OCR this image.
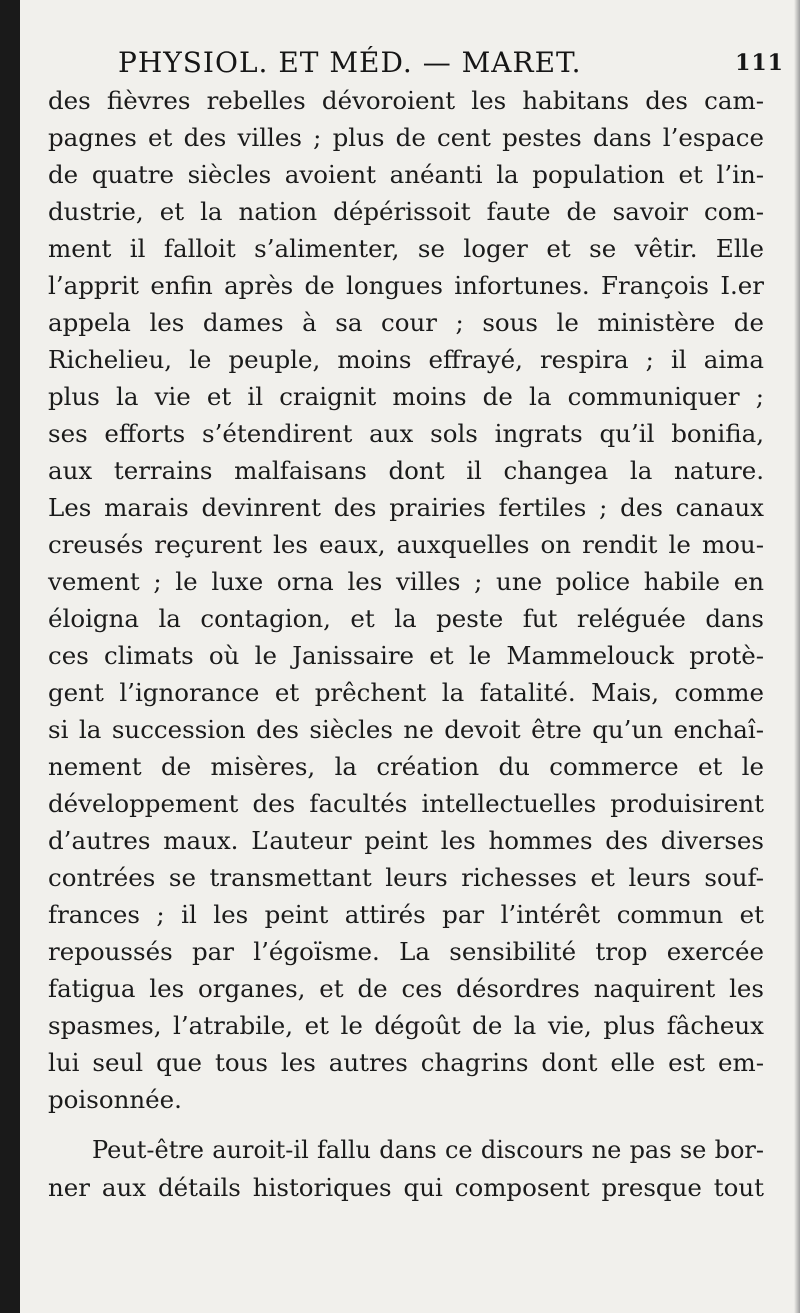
PHYSIOL. ET MÉD. — MARET.	111
des fièvres rebelles dévoroient les habitans des cam-
pagnes et des villes ; plus de cent pestes dans l’espace
de quatre siècles avoient anéanti la population et l’in-
dustrie, et la nation dépérissoit faute de savoir com-
ment il falloit s’alimenter, se loger et se vêtir. Elle
l’apprit enfin après de longues infortunes. François I.er
appela les dames à sa cour ; sous le ministère de
Richelieu, le peuple, moins effrayé, respira ; il aima
plus la vie et il craignit moins de la communiquer ;
ses efforts s’étendirent aux sols ingrats qu’il bonifia,
aux terrains malfaisans dont il changea la nature.
Les marais devinrent des prairies fertiles ; des canaux
creusés reçurent les eaux, auxquelles on rendit le mou-
vement ; le luxe orna les villes ; une police habile en
éloigna la contagion, et la peste fut reléguée dans
ces climats où le Janissaire et le Mammelouck protè-
gent l’ignorance et prêchent la fatalité. Mais, comme
si la succession des siècles ne devoit être qu’un enchaî-
nement de misères, la création du commerce et le
développement des facultés intellectuelles produisirent
d’autres maux. L’auteur peint les hommes des diverses
contrées se transmettant leurs richesses et leurs souf-
frances ; il les peint attirés par l’intérêt commun et
repoussés par l’égoïsme. La sensibilité trop exercée
fatigua les organes, et de ces désordres naquirent les
spasmes, l’atrabile, et le dégoût de la vie, plus fâcheux
lui seul que tous les autres chagrins dont elle est em-
poisonnée.
Peut-être auroit-il fallu dans ce discours ne pas se bor-
ner aux détails historiques qui composent presque tout
